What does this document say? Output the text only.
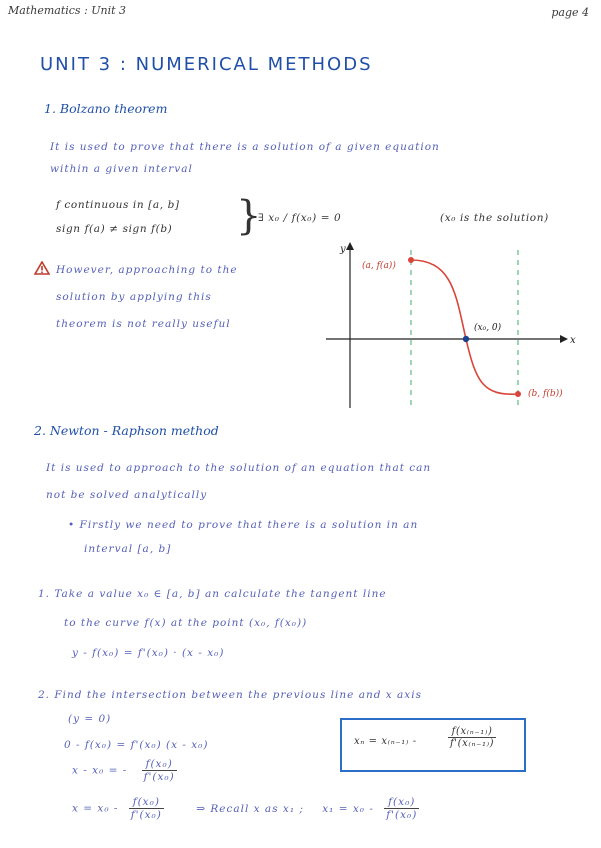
Mathematics : Unit 3	page 4
UNIT 3 : NUMERICAL METHODS
1. Bolzano theorem
It is used to prove that there is a solution of a given equation
within a given interval
f continuous in [a, b]
sign f(a) ≠ sign f(b) }
∃ x₀ / f(x₀) = 0	(x₀ is the solution)
However, approaching to the
solution by applying this
theorem is not really useful
y
x
(a, f(a))
(x₀, 0)
(b, f(b))
2. Newton - Raphson method
It is used to approach to the solution of an equation that can
not be solved analytically
• Firstly we need to prove that there is a solution in an
interval [a, b]
1. Take a value x₀ ∈ [a, b] an calculate the tangent line
to the curve f(x) at the point (x₀, f(x₀))
y - f(x₀) = f'(x₀) · (x - x₀)
2. Find the intersection between the previous line and x axis
(y = 0)
0 - f(x₀) = f'(x₀) (x - x₀)
x - x₀ = - $\frac{\text{f(x₀)}}{\text{f'(x₀)}}$
$x = x_0 - \frac{\text{f(x₀)}}{\text{f'(x₀)}}$	⇒ Recall x as x₁ ; $x_1 = x_0 - \frac{\text{f(x₀)}}{\text{f'(x₀)}}$
xₙ = x₍ₙ₋₁₎ -	$\frac{\text{f(x₍ₙ₋₁₎)}}{\text{f'(x₍ₙ₋₁₎)}}$
